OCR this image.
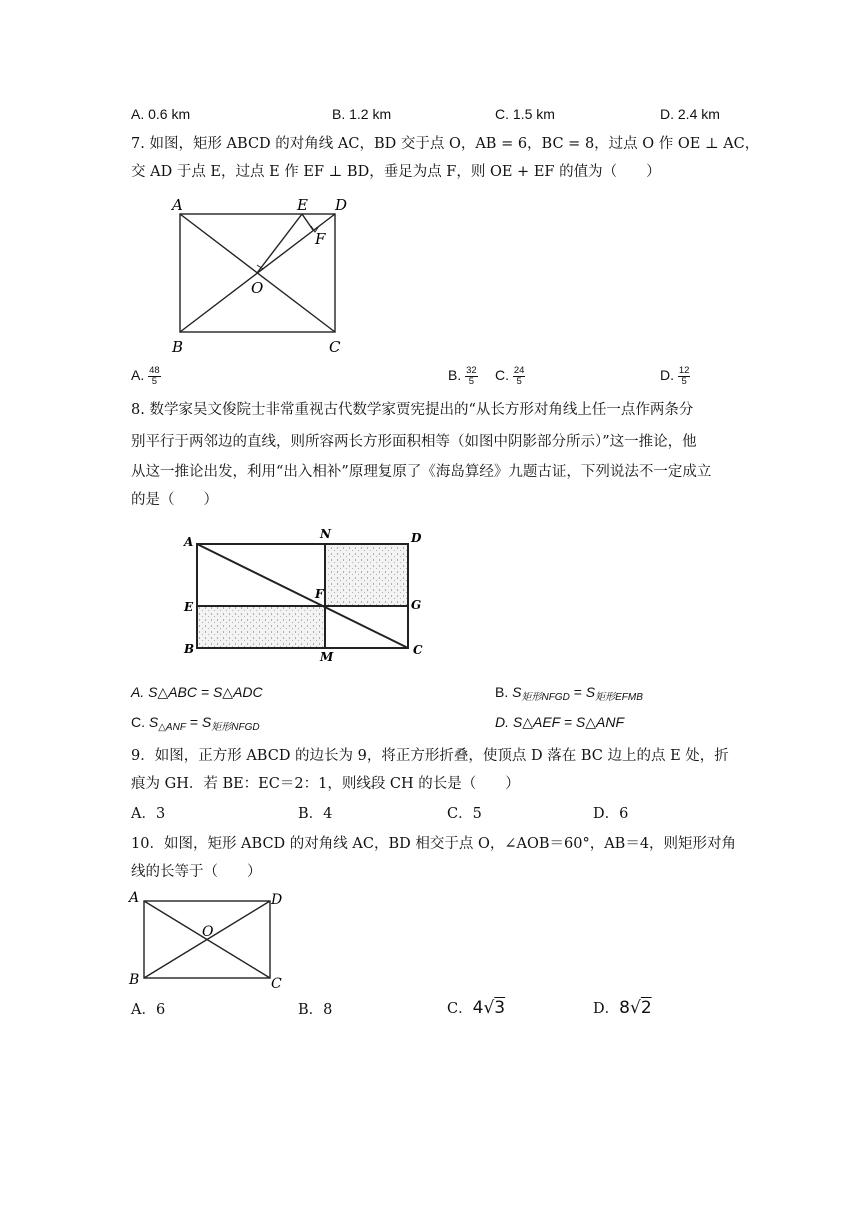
A. 0.6 km	B. 1.2 km	C. 1.5 km	D. 2.4 km
7. 如图，矩形 ABCD 的对角线 AC，BD 交于点 O，AB = 6，BC = 8，过点 O 作 OE ⊥ AC，
交 AD 于点 E，过点 E 作 EF ⊥ BD，垂足为点 F，则 OE + EF 的值为（　　）
A
B	C
D
E
F
O
A. $\frac{48}{5}$	B. $\frac{32}{5} C$. $\frac{24}{5}$	D. $\frac{12}{5}$
8. 数学家吴文俊院士非常重视古代数学家贾宪提出的“从长方形对角线上任一点作两条分
别平行于两邻边的直线，则所容两长方形面积相等（如图中阴影部分所示）”这一推论，他
从这一推论出发，利用“出入相补”原理复原了《海岛算经》九题古证，下列说法不一定成立
的是（　　）
A
N	D
E
F
G
B
M	C
A. S△ABC = S△ADC	B. $S_{矩形NFGD} = S_{矩形EFMB}$
C. $S_{\triangle ANF} = S_{矩形NFGD}$	D. S△AEF = S△ANF
9．如图，正方形 ABCD 的边长为 9，将正方形折叠，使顶点 D 落在 BC 边上的点 E 处，折
痕为 GH．若 BE：EC＝2：1，则线段 CH 的长是（　　）
A．3	B．4	C．5	D．6
10．如图，矩形 ABCD 的对角线 AC，BD 相交于点 O，∠AOB＝60°，AB＝4，则矩形对角
线的长等于（　　）
A
B	C
D
O
A．6	B．8	C．4√3	D．8√2
